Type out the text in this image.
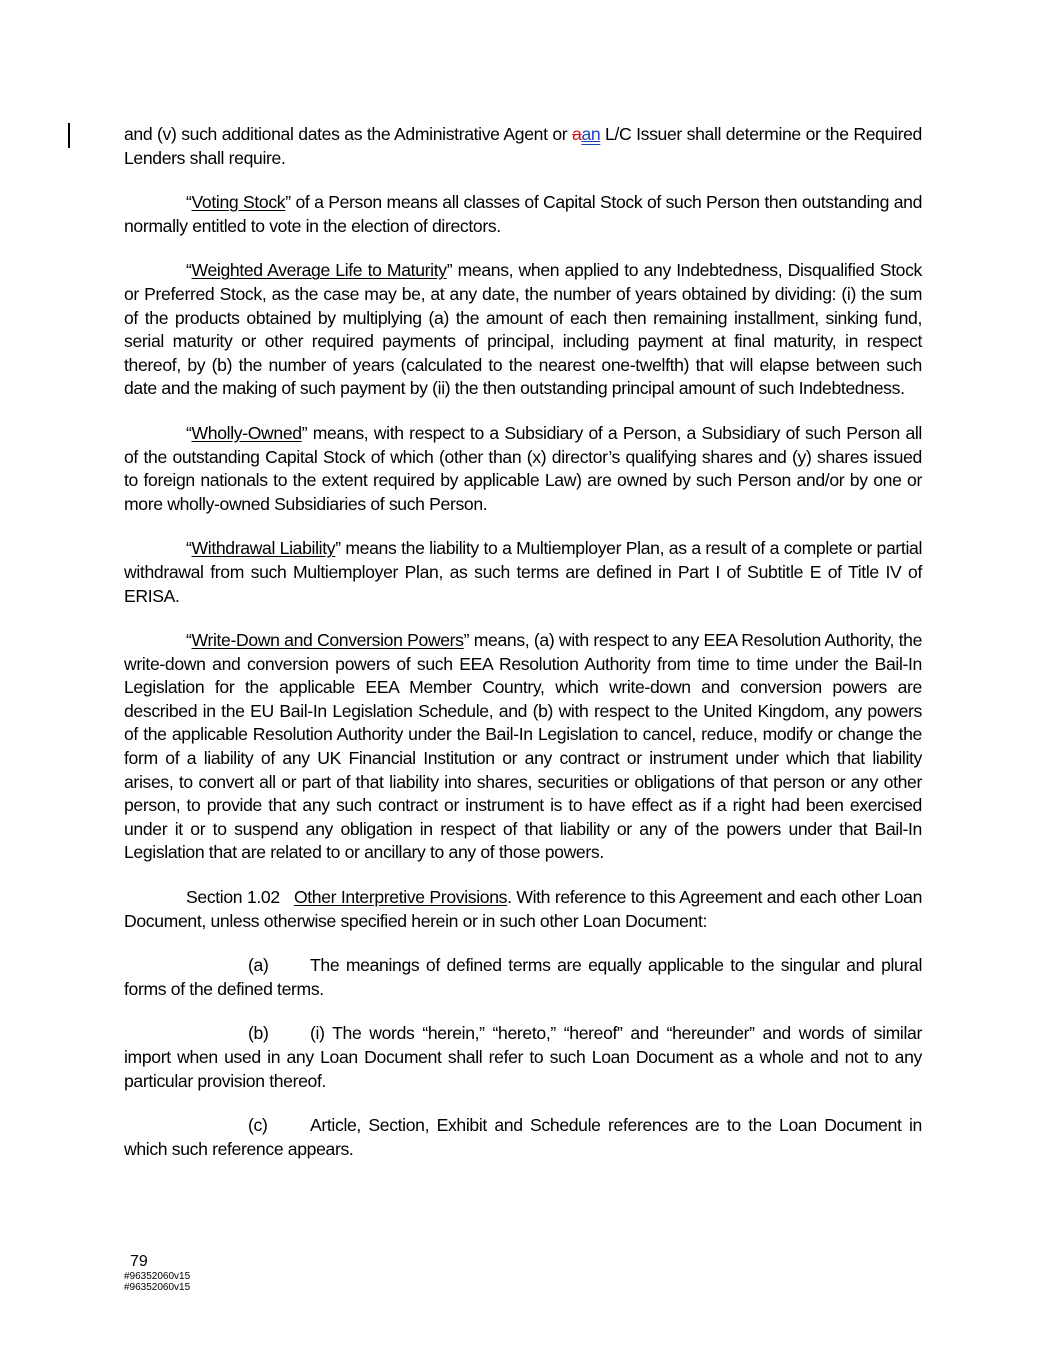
and (v) such additional dates as the Administrative Agent or aan L/C Issuer shall determine or the Required Lenders shall require.

“Voting Stock” of a Person means all classes of Capital Stock of such Person then outstanding and normally entitled to vote in the election of directors.

“Weighted Average Life to Maturity” means, when applied to any Indebtedness, Disqualified Stock or Preferred Stock, as the case may be, at any date, the number of years obtained by dividing: (i) the sum of the products obtained by multiplying (a) the amount of each then remaining installment, sinking fund, serial maturity or other required payments of principal, including payment at final maturity, in respect thereof, by (b) the number of years (calculated to the nearest one-twelfth) that will elapse between such date and the making of such payment by (ii) the then outstanding principal amount of such Indebtedness.

“Wholly-Owned” means, with respect to a Subsidiary of a Person, a Subsidiary of such Person all of the outstanding Capital Stock of which (other than (x) director’s qualifying shares and (y) shares issued to foreign nationals to the extent required by applicable Law) are owned by such Person and/or by one or more wholly-owned Subsidiaries of such Person.

“Withdrawal Liability” means the liability to a Multiemployer Plan, as a result of a complete or partial withdrawal from such Multiemployer Plan, as such terms are defined in Part I of Subtitle E of Title IV of ERISA.

“Write-Down and Conversion Powers” means, (a) with respect to any EEA Resolution Authority, the write-down and conversion powers of such EEA Resolution Authority from time to time under the Bail-In Legislation for the applicable EEA Member Country, which write-down and conversion powers are described in the EU Bail-In Legislation Schedule, and (b) with respect to the United Kingdom, any powers of the applicable Resolution Authority under the Bail-In Legislation to cancel, reduce, modify or change the form of a liability of any UK Financial Institution or any contract or instrument under which that liability arises, to convert all or part of that liability into shares, securities or obligations of that person or any other person, to provide that any such contract or instrument is to have effect as if a right had been exercised under it or to suspend any obligation in respect of that liability or any of the powers under that Bail-In Legislation that are related to or ancillary to any of those powers.

Section 1.02 Other Interpretive Provisions. With reference to this Agreement and each other Loan Document, unless otherwise specified herein or in such other Loan Document:

(a) The meanings of defined terms are equally applicable to the singular and plural forms of the defined terms.

(b) (i) The words “herein,” “hereto,” “hereof” and “hereunder” and words of similar import when used in any Loan Document shall refer to such Loan Document as a whole and not to any particular provision thereof.

(c) Article, Section, Exhibit and Schedule references are to the Loan Document in which such reference appears.

79
#96352060v15
#96352060v15
